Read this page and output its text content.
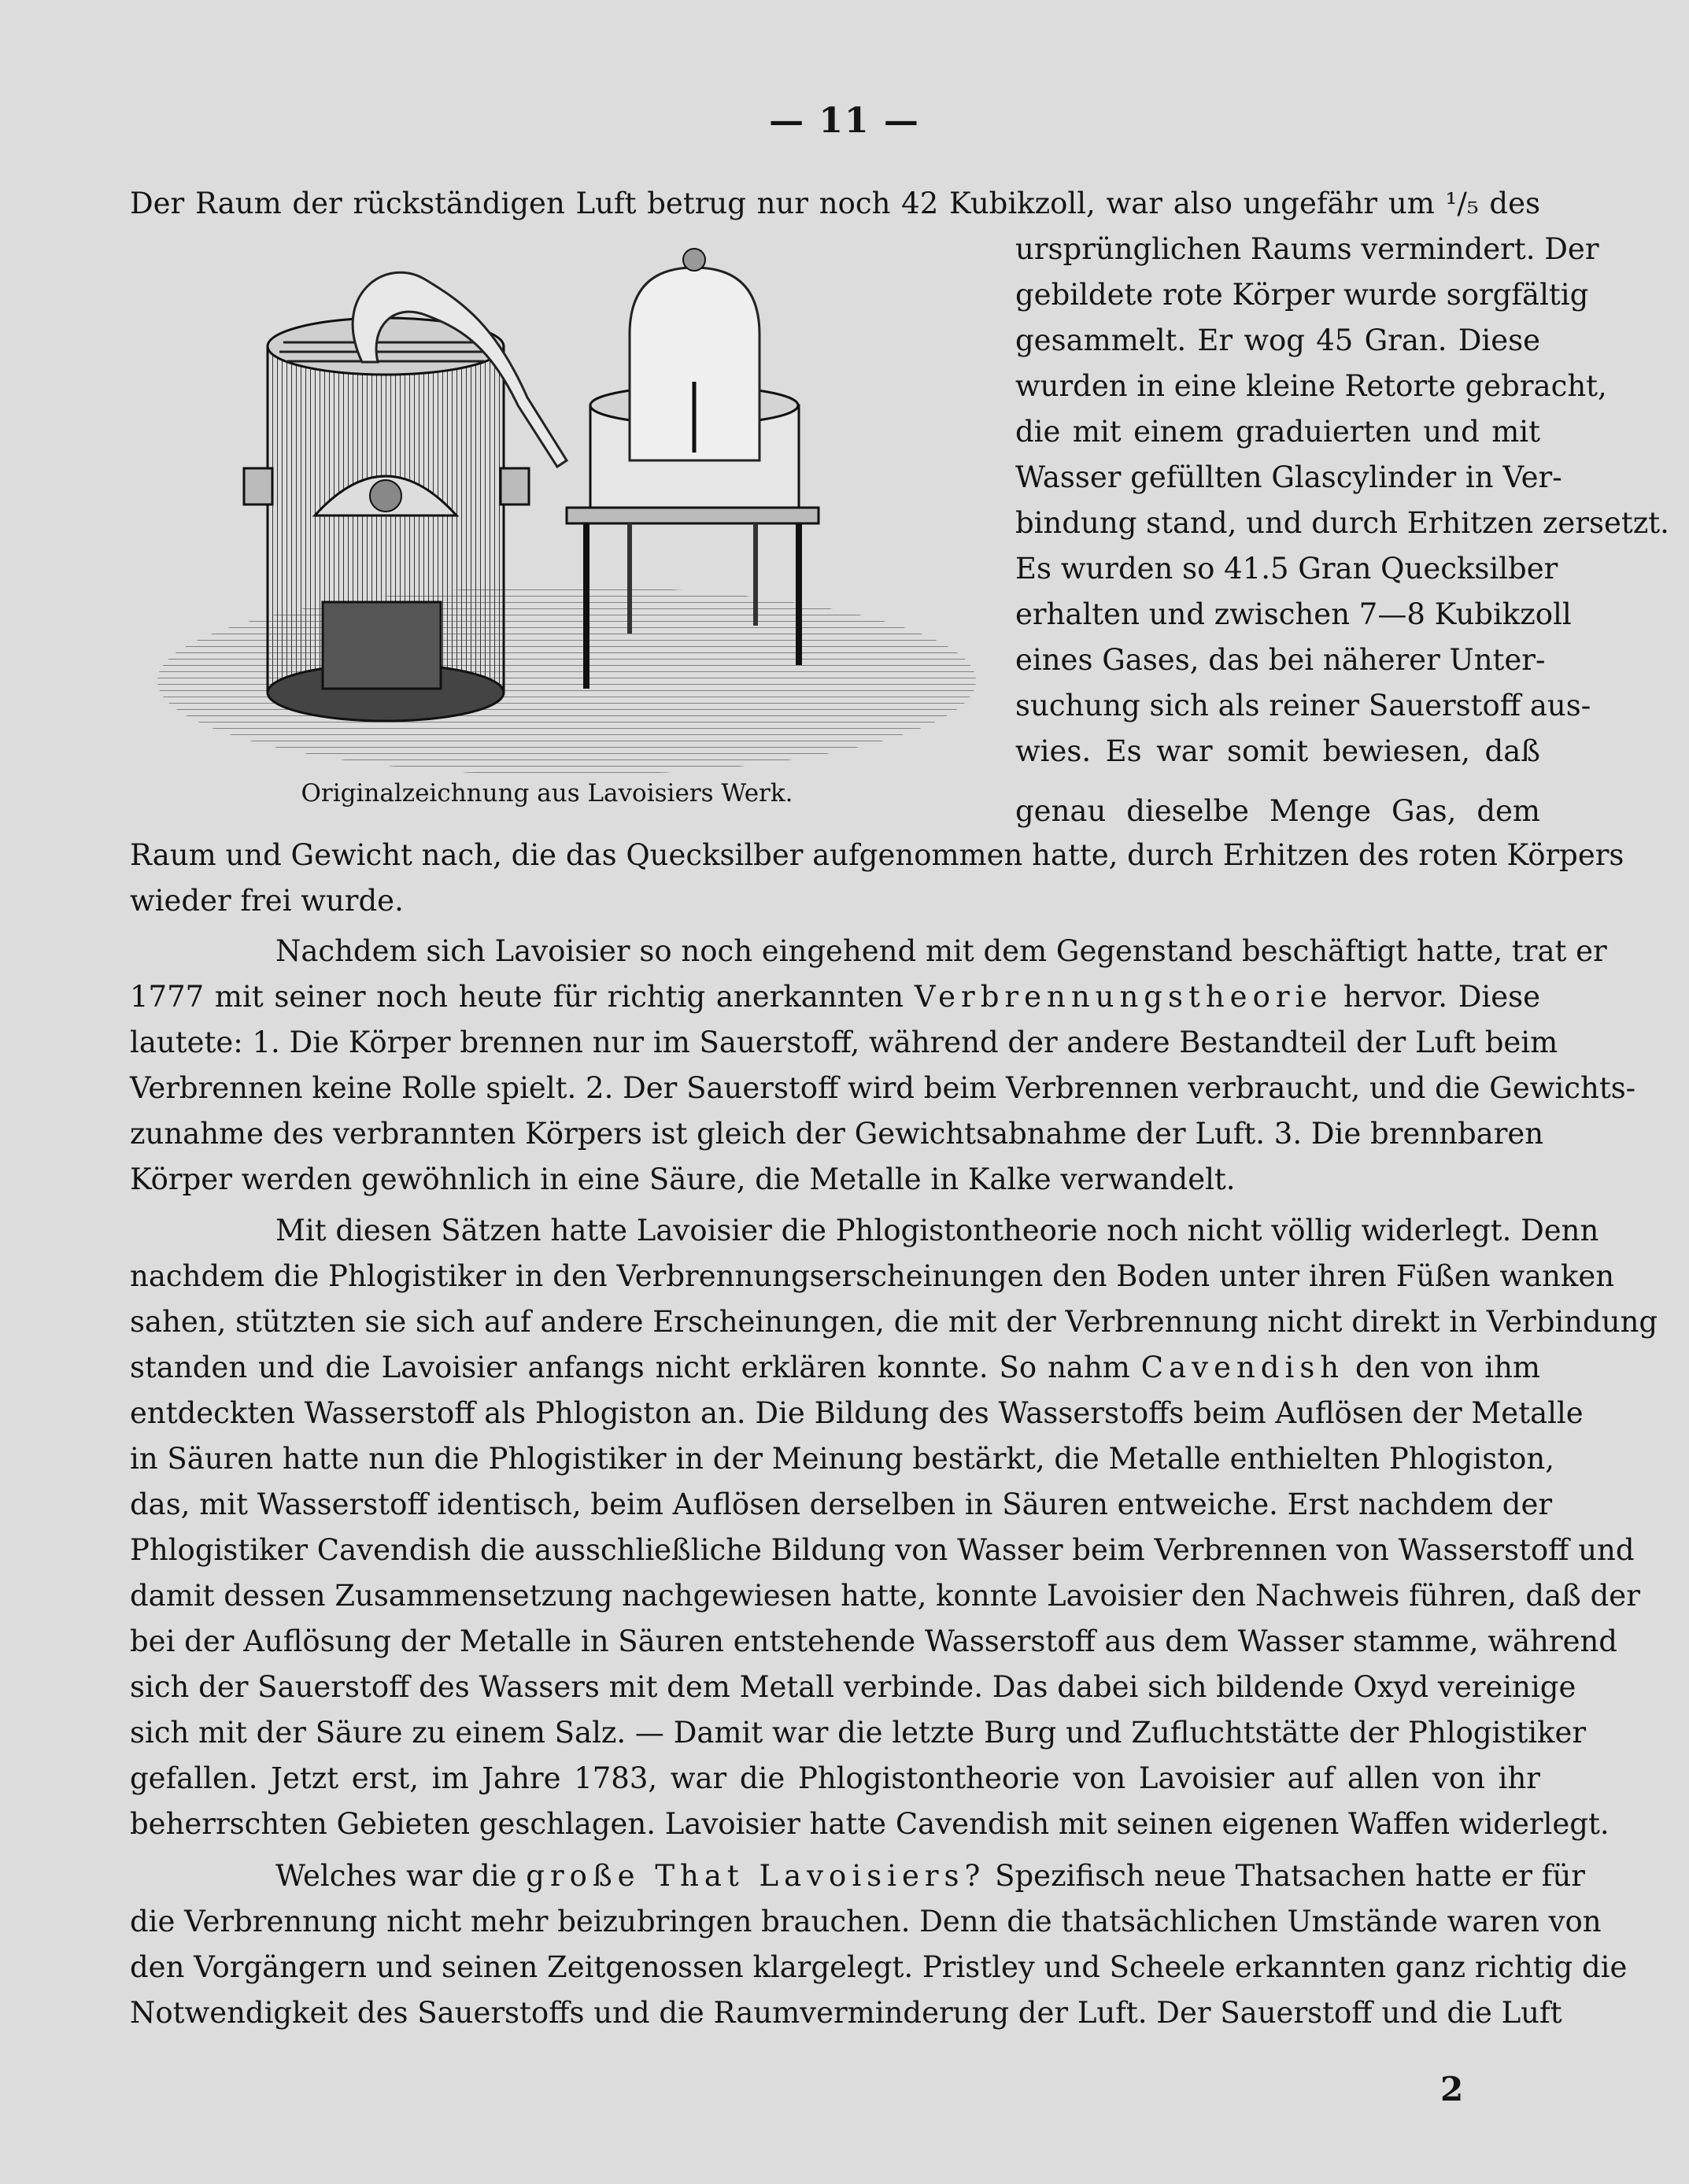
— 11 —
Originalzeichnung aus Lavoisiers Werk.
Der Raum der rückständigen Luft betrug nur noch 42 Kubikzoll, war also ungefähr um ¹/₅ des
ursprünglichen Raums vermindert. Der
gebildete rote Körper wurde sorgfältig
gesammelt. Er wog 45 Gran. Diese
wurden in eine kleine Retorte gebracht,
die mit einem graduierten und mit
Wasser gefüllten Glascylinder in Ver-
bindung stand, und durch Erhitzen zersetzt.
Es wurden so 41.5 Gran Quecksilber
erhalten und zwischen 7—8 Kubikzoll
eines Gases, das bei näherer Unter-
suchung sich als reiner Sauerstoff aus-
wies. Es war somit bewiesen, daß
genau dieselbe Menge Gas, dem
Raum und Gewicht nach, die das Quecksilber aufgenommen hatte, durch Erhitzen des roten Körpers
wieder frei wurde.
Nachdem sich Lavoisier so noch eingehend mit dem Gegenstand beschäftigt hatte, trat er
1777 mit seiner noch heute für richtig anerkannten Verbrennungstheorie hervor. Diese
lautete: 1. Die Körper brennen nur im Sauerstoff, während der andere Bestandteil der Luft beim
Verbrennen keine Rolle spielt. 2. Der Sauerstoff wird beim Verbrennen verbraucht, und die Gewichts-
zunahme des verbrannten Körpers ist gleich der Gewichtsabnahme der Luft. 3. Die brennbaren
Körper werden gewöhnlich in eine Säure, die Metalle in Kalke verwandelt.
Mit diesen Sätzen hatte Lavoisier die Phlogistontheorie noch nicht völlig widerlegt. Denn
nachdem die Phlogistiker in den Verbrennungserscheinungen den Boden unter ihren Füßen wanken
sahen, stützten sie sich auf andere Erscheinungen, die mit der Verbrennung nicht direkt in Verbindung
standen und die Lavoisier anfangs nicht erklären konnte. So nahm Cavendish den von ihm
entdeckten Wasserstoff als Phlogiston an. Die Bildung des Wasserstoffs beim Auflösen der Metalle
in Säuren hatte nun die Phlogistiker in der Meinung bestärkt, die Metalle enthielten Phlogiston,
das, mit Wasserstoff identisch, beim Auflösen derselben in Säuren entweiche. Erst nachdem der
Phlogistiker Cavendish die ausschließliche Bildung von Wasser beim Verbrennen von Wasserstoff und
damit dessen Zusammensetzung nachgewiesen hatte, konnte Lavoisier den Nachweis führen, daß der
bei der Auflösung der Metalle in Säuren entstehende Wasserstoff aus dem Wasser stamme, während
sich der Sauerstoff des Wassers mit dem Metall verbinde. Das dabei sich bildende Oxyd vereinige
sich mit der Säure zu einem Salz. — Damit war die letzte Burg und Zufluchtstätte der Phlogistiker
gefallen. Jetzt erst, im Jahre 1783, war die Phlogistontheorie von Lavoisier auf allen von ihr
beherrschten Gebieten geschlagen. Lavoisier hatte Cavendish mit seinen eigenen Waffen widerlegt.
Welches war die große That Lavoisiers? Spezifisch neue Thatsachen hatte er für
die Verbrennung nicht mehr beizubringen brauchen. Denn die thatsächlichen Umstände waren von
den Vorgängern und seinen Zeitgenossen klargelegt. Pristley und Scheele erkannten ganz richtig die
Notwendigkeit des Sauerstoffs und die Raumverminderung der Luft. Der Sauerstoff und die Luft
2
